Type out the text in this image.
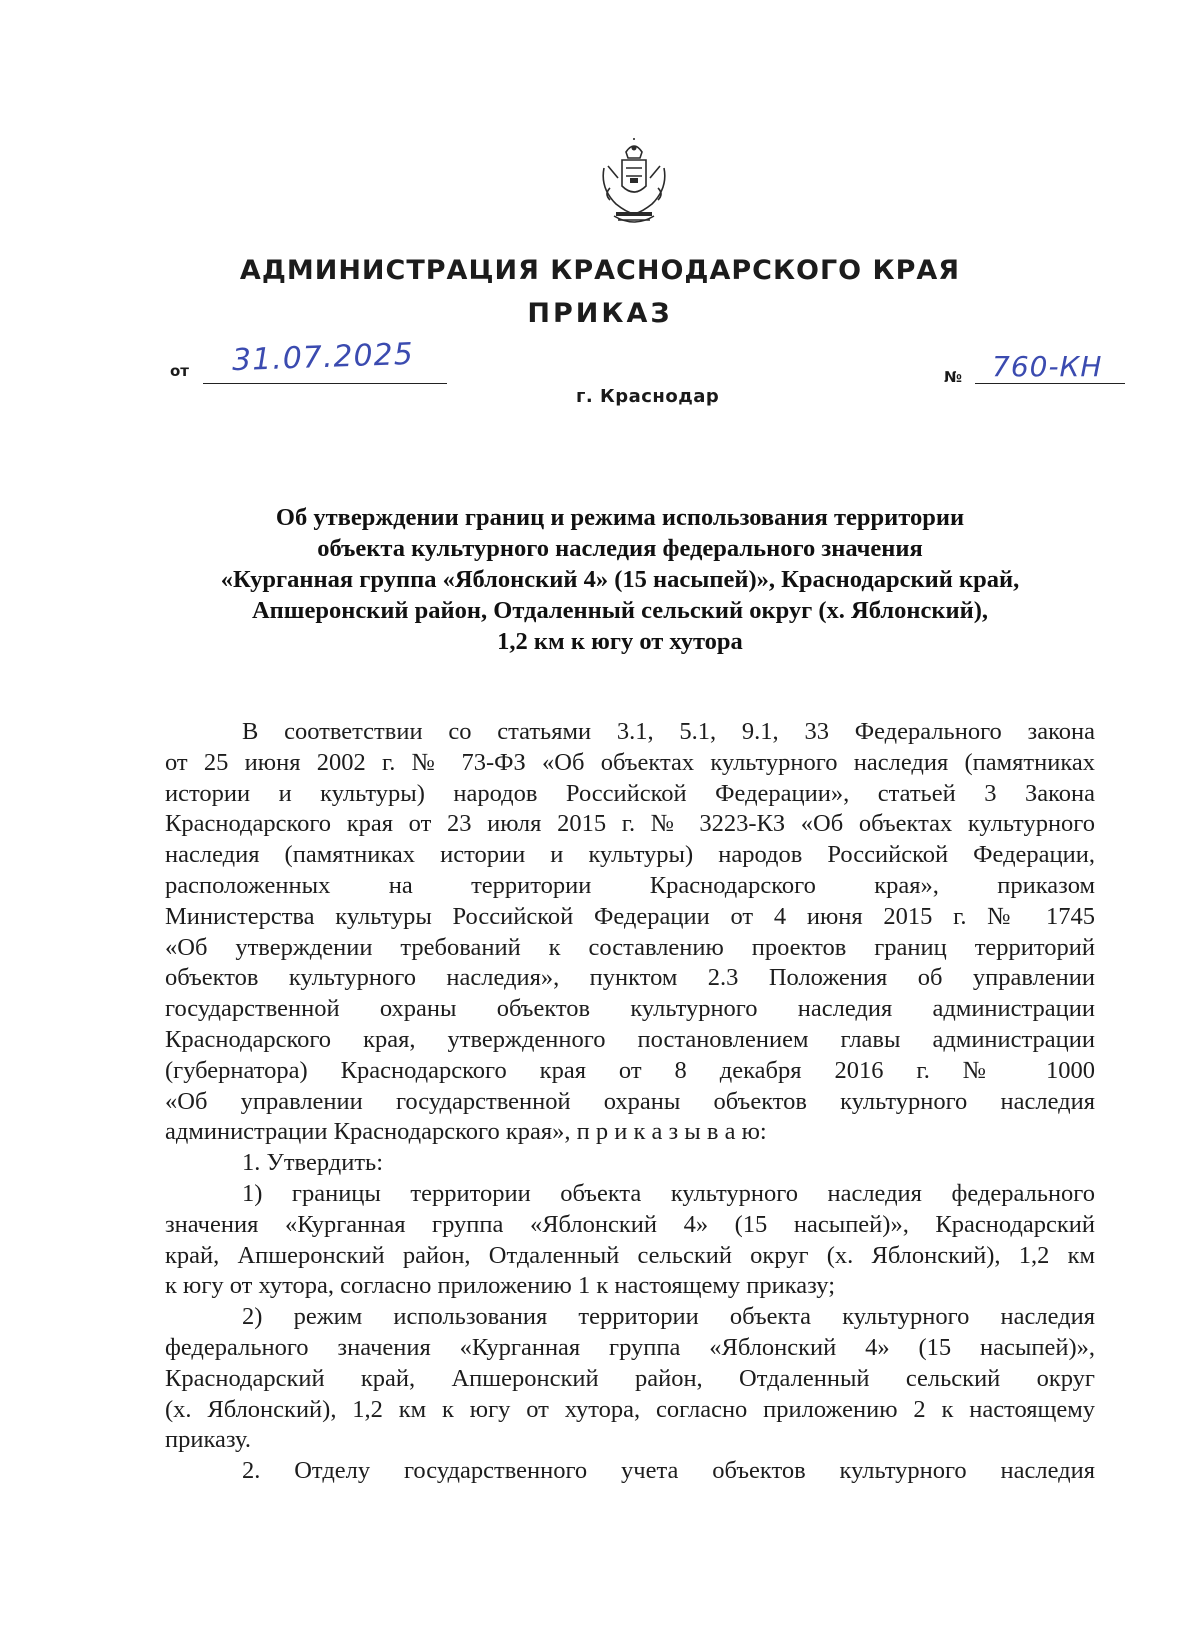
АДМИНИСТРАЦИЯ КРАСНОДАРСКОГО КРАЯ
ПРИКАЗ
от 31.07.2025
г. Краснодар
№ 760-КН
Об утверждении границ и режима использования территории
объекта культурного наследия федерального значения
«Курганная группа «Яблонский 4» (15 насыпей)», Краснодарский край,
Апшеронский район, Отдаленный сельский округ (х. Яблонский),
1,2 км к югу от хутора
В соответствии со статьями 3.1, 5.1, 9.1, 33 Федерального закона
от 25 июня 2002 г. № 73-ФЗ «Об объектах культурного наследия (памятниках
истории и культуры) народов Российской Федерации», статьей 3 Закона
Краснодарского края от 23 июля 2015 г. № 3223-КЗ «Об объектах культурного
наследия (памятниках истории и культуры) народов Российской Федерации,
расположенных на территории Краснодарского края», приказом
Министерства культуры Российской Федерации от 4 июня 2015 г. № 1745
«Об утверждении требований к составлению проектов границ территорий
объектов культурного наследия», пунктом 2.3 Положения об управлении
государственной охраны объектов культурного наследия администрации
Краснодарского края, утвержденного постановлением главы администрации
(губернатора) Краснодарского края от 8 декабря 2016 г. № 1000
«Об управлении государственной охраны объектов культурного наследия
администрации Краснодарского края», п р и к а з ы в а ю:
1. Утвердить:
1) границы территории объекта культурного наследия федерального
значения «Курганная группа «Яблонский 4» (15 насыпей)», Краснодарский
край, Апшеронский район, Отдаленный сельский округ (х. Яблонский), 1,2 км
к югу от хутора, согласно приложению 1 к настоящему приказу;
2) режим использования территории объекта культурного наследия
федерального значения «Курганная группа «Яблонский 4» (15 насыпей)»,
Краснодарский край, Апшеронский район, Отдаленный сельский округ
(х. Яблонский), 1,2 км к югу от хутора, согласно приложению 2 к настоящему
приказу.
2. Отделу государственного учета объектов культурного наследия
